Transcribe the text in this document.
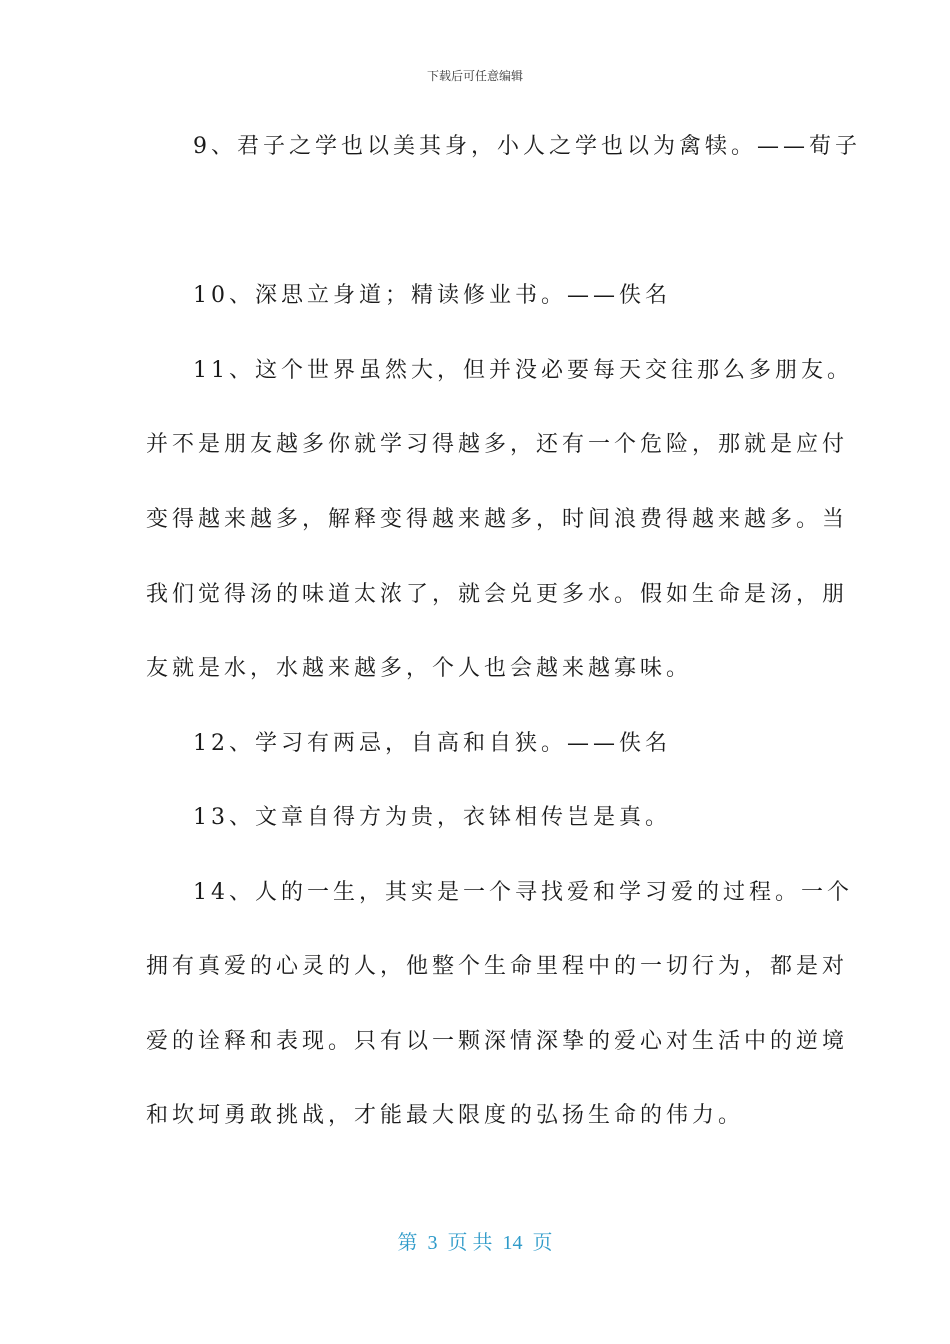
下载后可任意编辑
9、君子之学也以美其身，小人之学也以为禽犊。——荀子
10、深思立身道；精读修业书。——佚名
11、这个世界虽然大，但并没必要每天交往那么多朋友。
并不是朋友越多你就学习得越多，还有一个危险，那就是应付
变得越来越多，解释变得越来越多，时间浪费得越来越多。当
我们觉得汤的味道太浓了，就会兑更多水。假如生命是汤，朋
友就是水，水越来越多，个人也会越来越寡味。
12、学习有两忌，自高和自狭。——佚名
13、文章自得方为贵，衣钵相传岂是真。
14、人的一生，其实是一个寻找爱和学习爱的过程。一个
拥有真爱的心灵的人，他整个生命里程中的一切行为，都是对
爱的诠释和表现。只有以一颗深情深挚的爱心对生活中的逆境
和坎坷勇敢挑战，才能最大限度的弘扬生命的伟力。
第 3 页 共 14 页
